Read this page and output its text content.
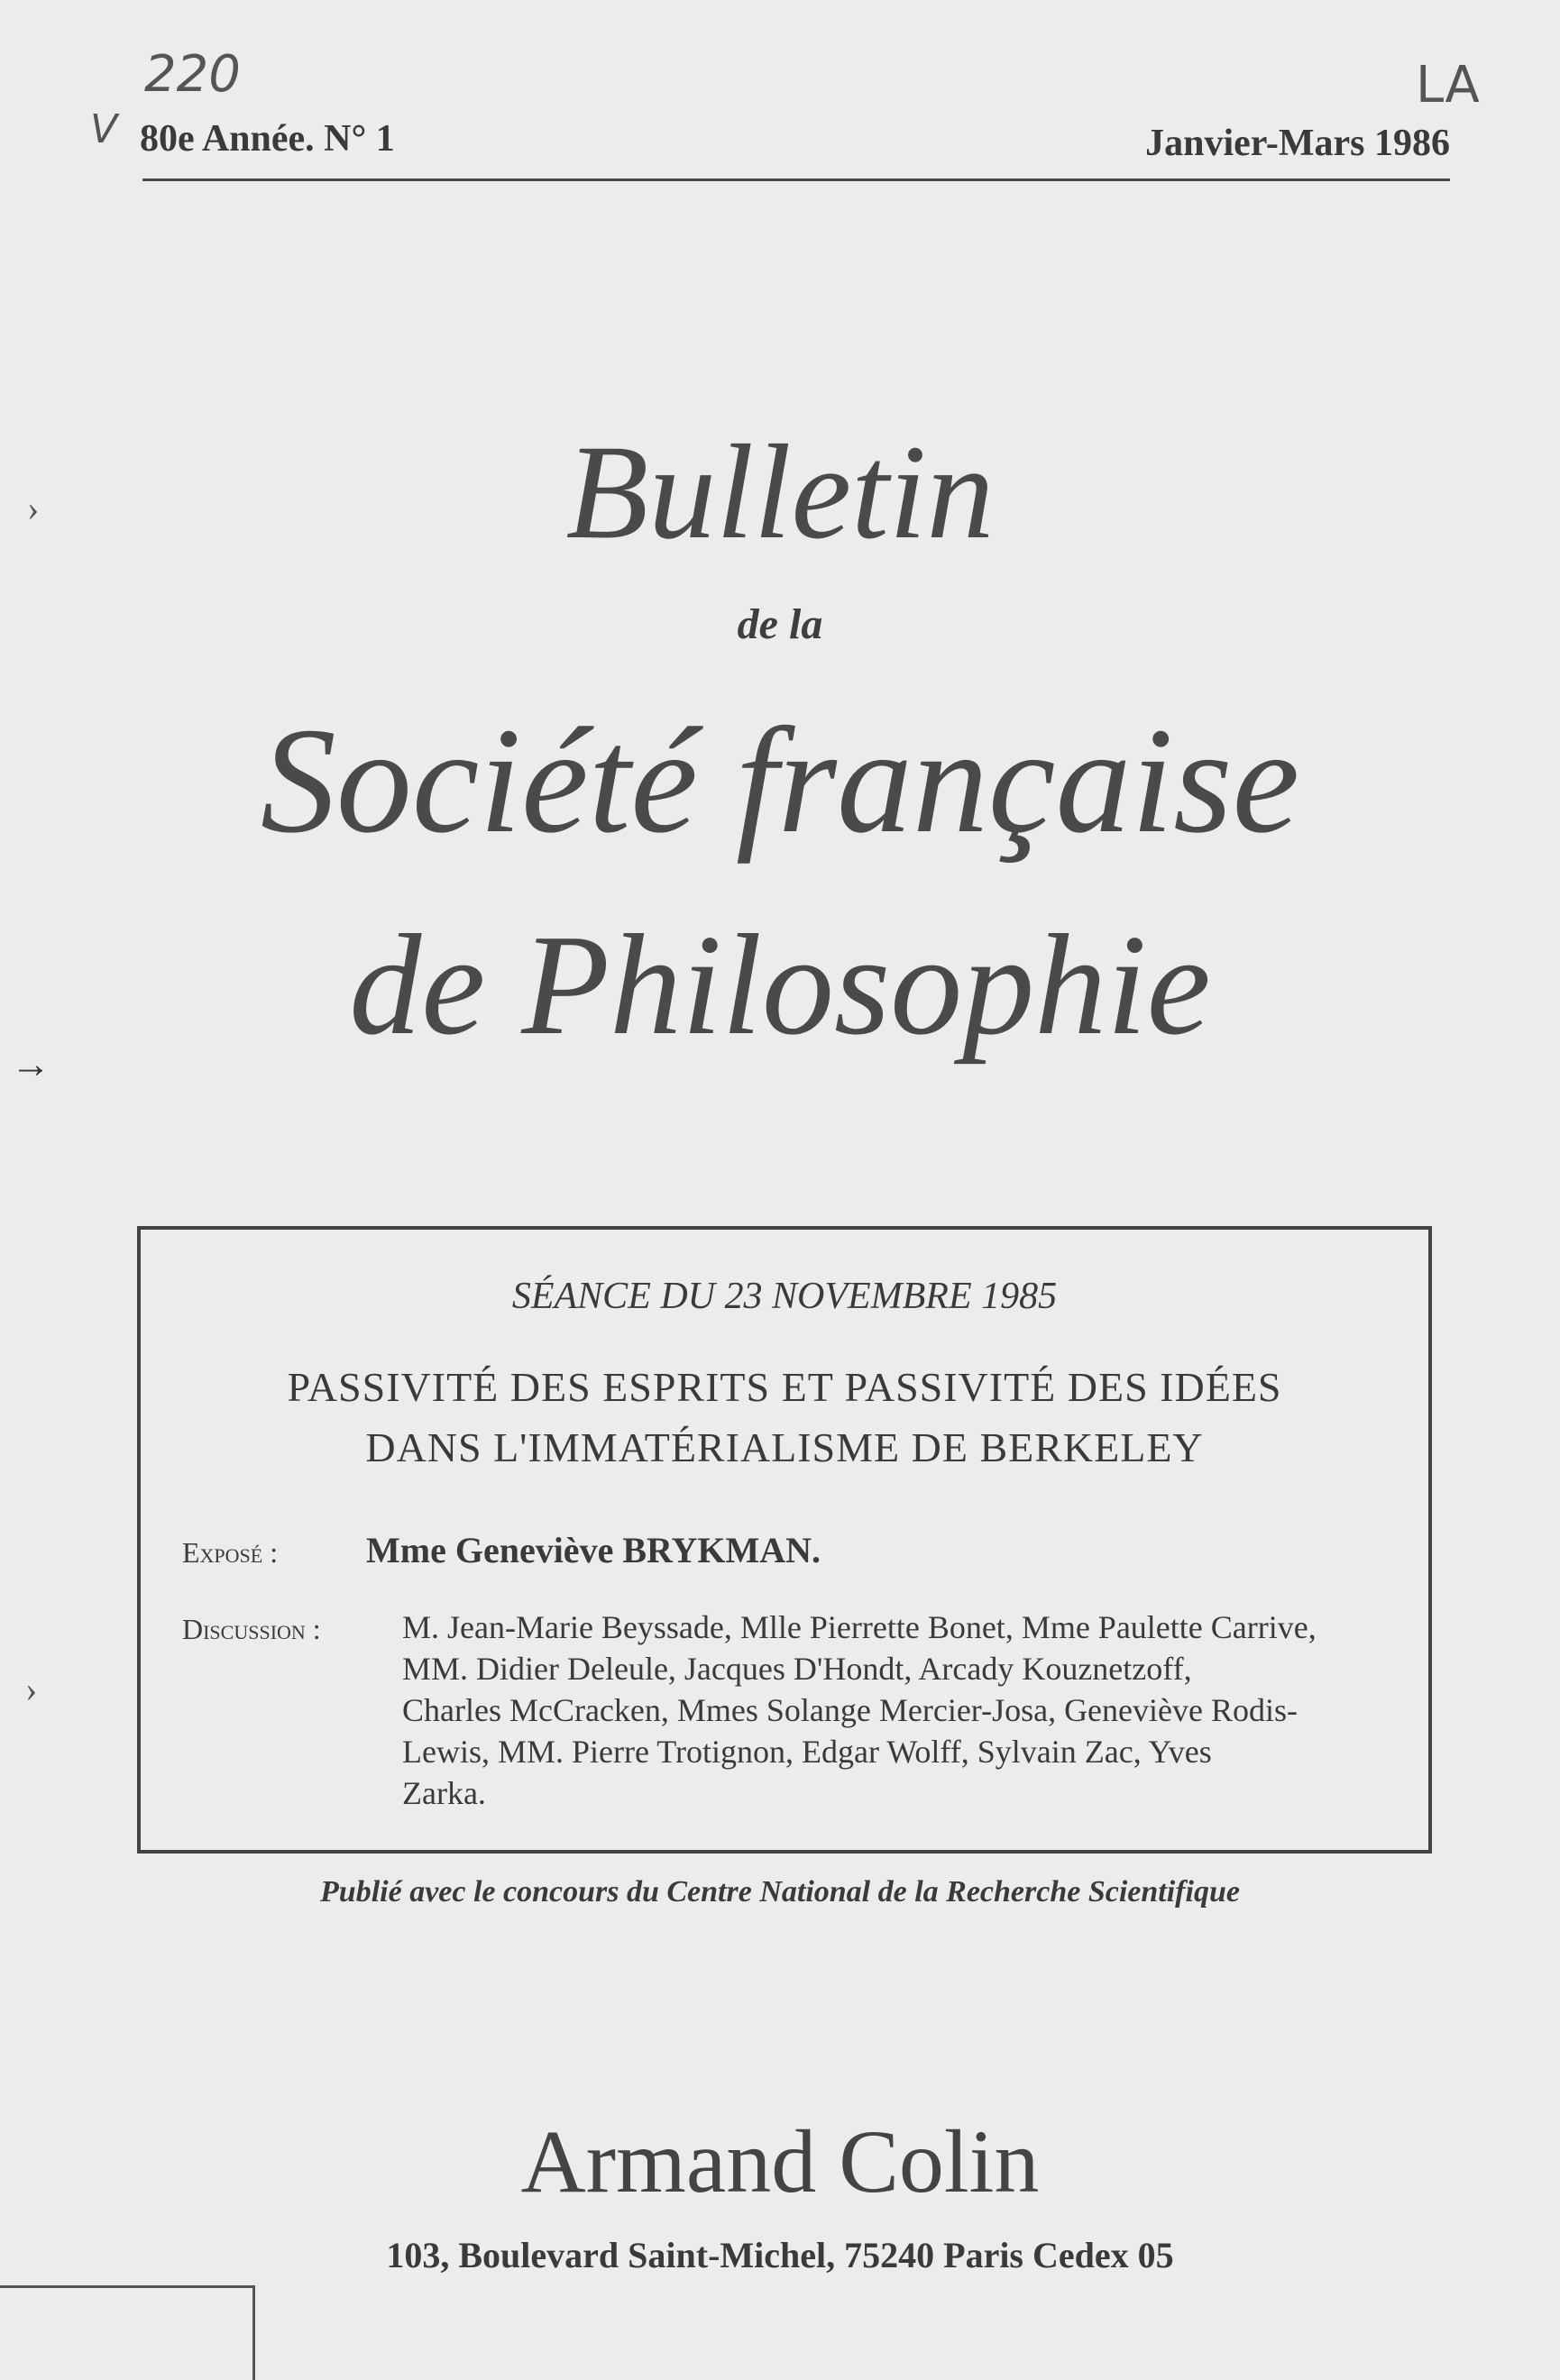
220
V
LA
80e Année. N° 1	Janvier-Mars 1986
›
→
›
Bulletin
de la
Société française
de Philosophie
SÉANCE DU 23 NOVEMBRE 1985
PASSIVITÉ DES ESPRITS ET PASSIVITÉ DES IDÉES
DANS L'IMMATÉRIALISME DE BERKELEY
Exposé : Mme Geneviève BRYKMAN.
Discussion :	M. Jean-Marie Beyssade, Mlle Pierrette Bonet, Mme Paulette Carrive,
MM. Didier Deleule, Jacques D'Hondt, Arcady Kouznetzoff,
Charles McCracken, Mmes Solange Mercier-Josa, Geneviève Rodis-
Lewis, MM. Pierre Trotignon, Edgar Wolff, Sylvain Zac, Yves
Zarka.
Publié avec le concours du Centre National de la Recherche Scientifique
Armand Colin
103, Boulevard Saint-Michel, 75240 Paris Cedex 05
